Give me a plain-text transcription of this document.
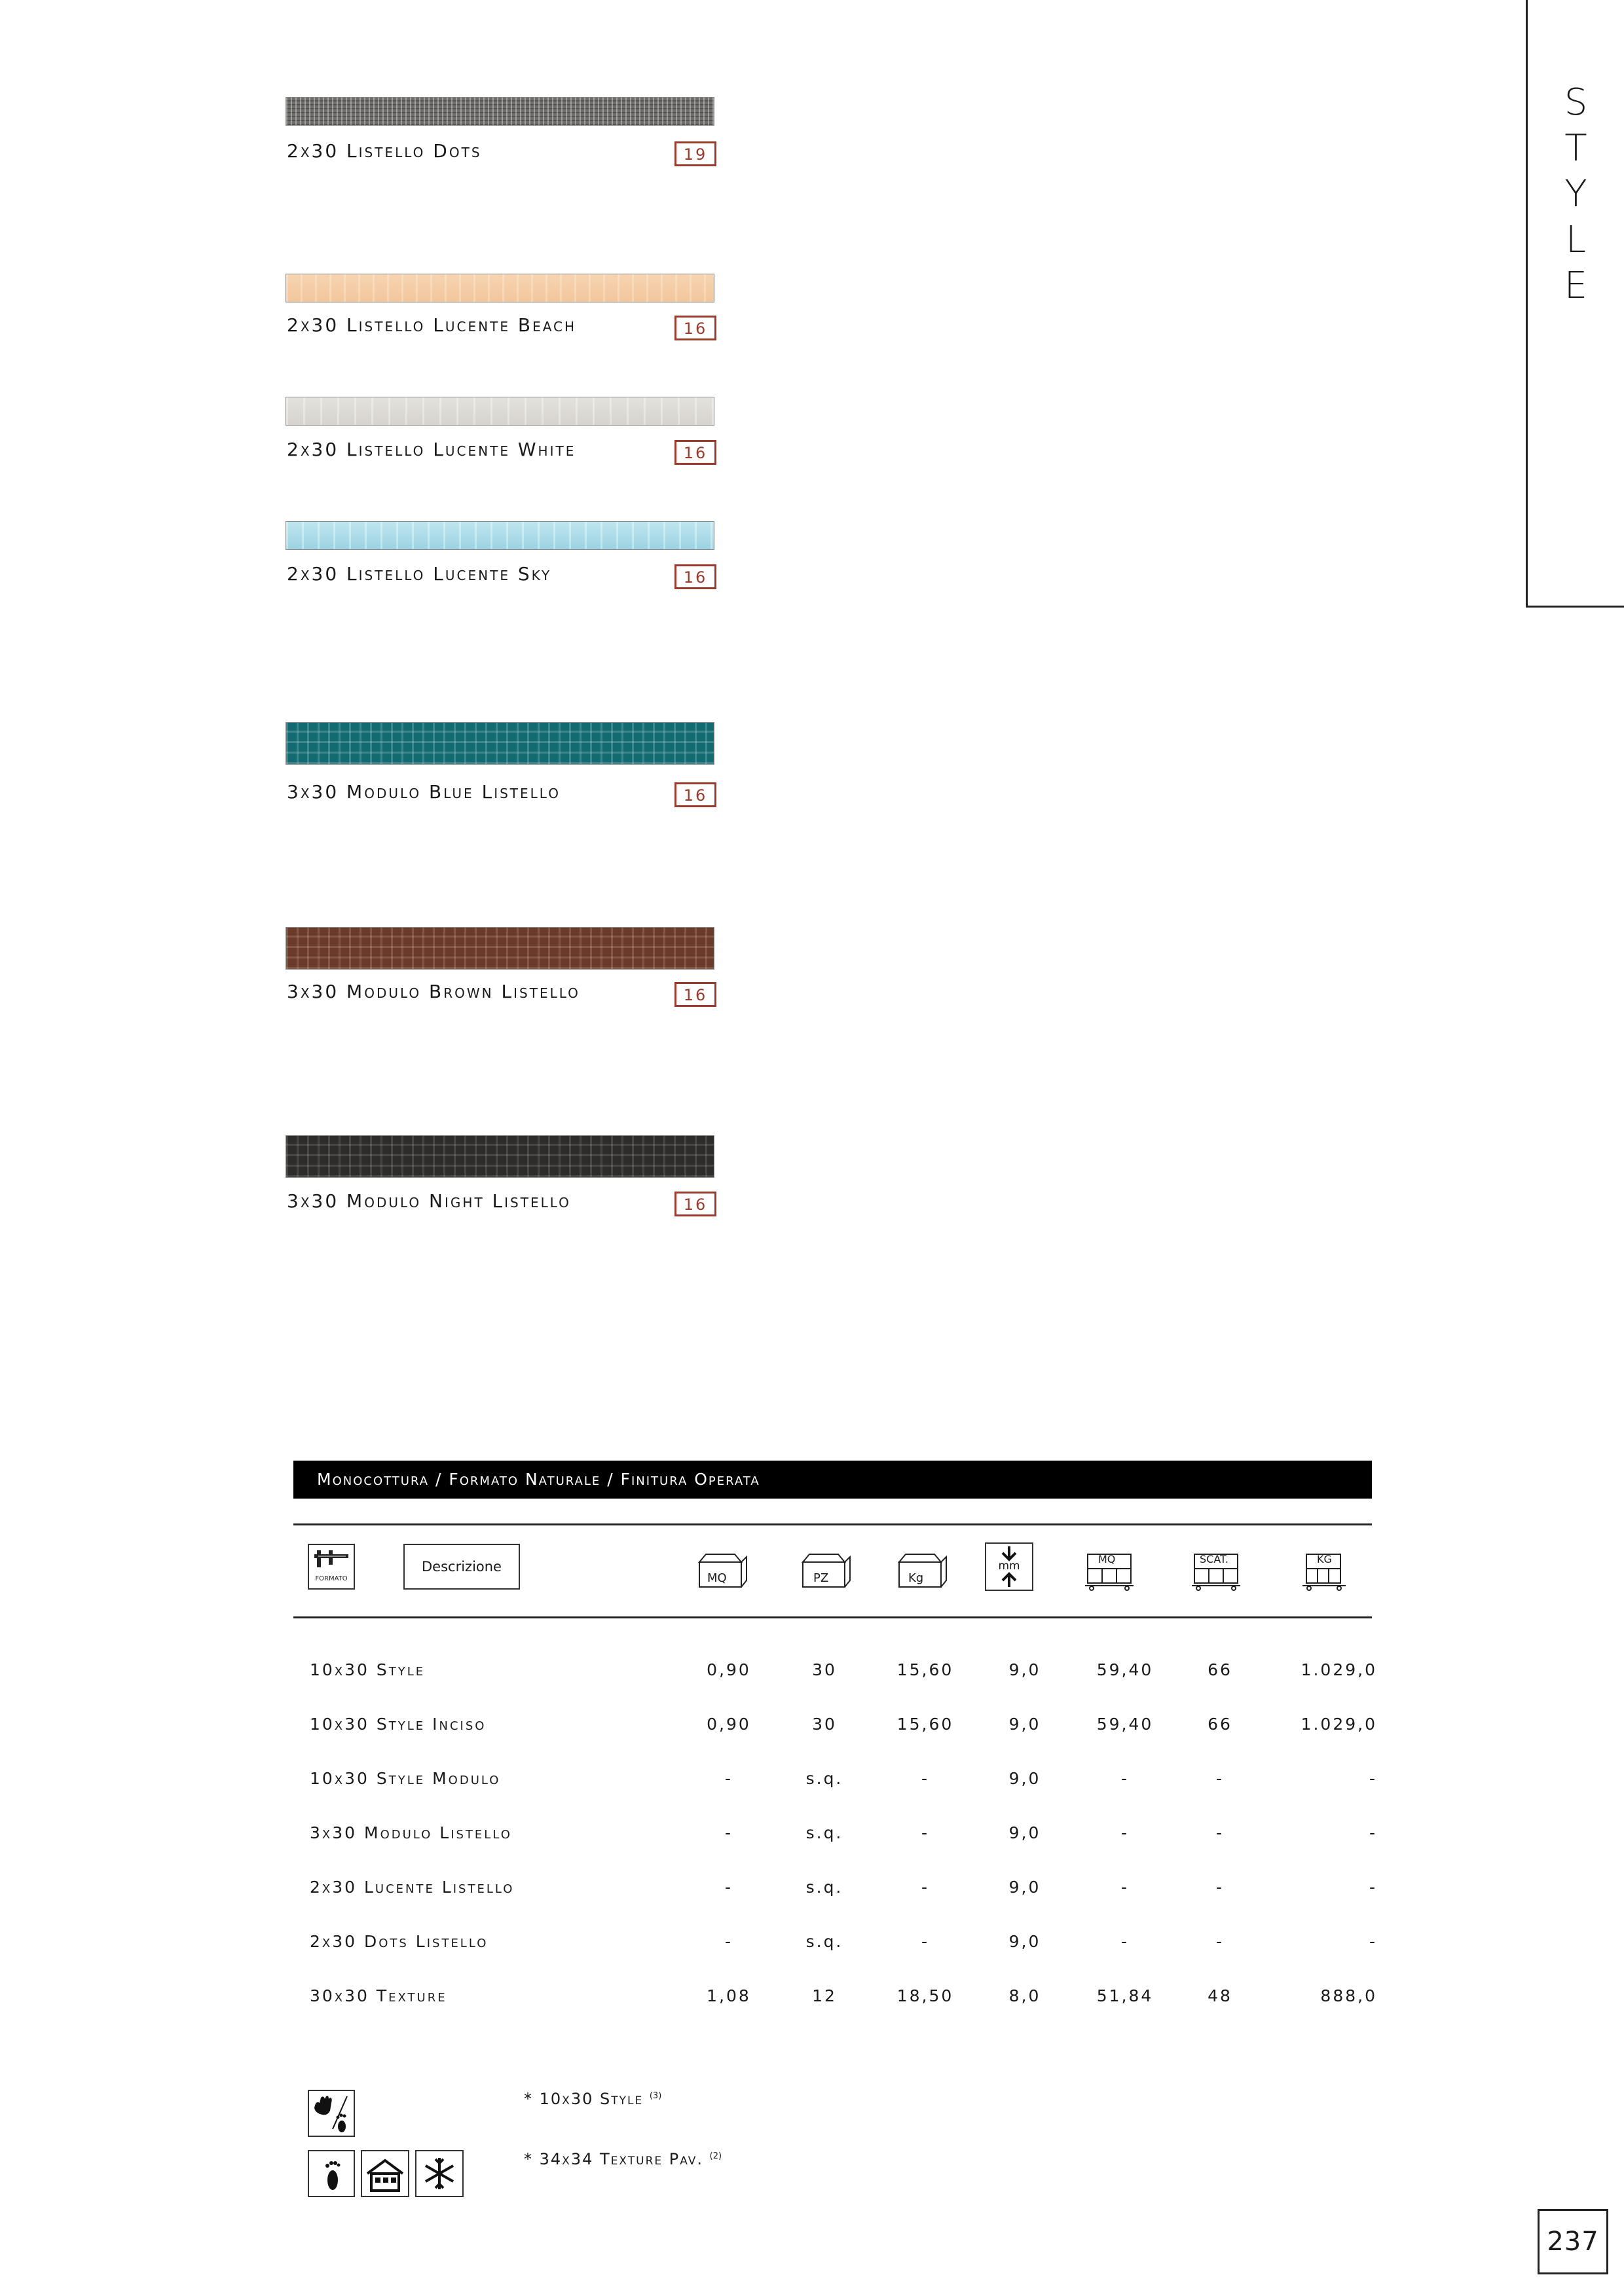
S
T
Y
L
E
2x30 Listello Dots	19
2x30 Listello Lucente Beach	16
2x30 Listello Lucente White	16
2x30 Listello Lucente Sky	16
3x30 Modulo Blue Listello	16
3x30 Modulo Brown Listello	16
3x30 Modulo Night Listello	16
Monocottura / Formato Naturale / Finitura Operata
FORMATO
Descrizione
MQ	PZ	Kg
mm
MQ	SCAT.	KG
10x30 Style	0,90	30	15,60	9,0	59,40	66	1.029,0
10x30 Style Inciso	0,90	30	15,60	9,0	59,40	66	1.029,0
10x30 Style Modulo	-	s.q.	-	9,0	-	-	-
3x30 Modulo Listello	-	s.q.	-	9,0	-	-	-
2x30 Lucente Listello	-	s.q.	-	9,0	-	-	-
2x30 Dots Listello	-	s.q.	-	9,0	-	-	-
30x30 Texture	1,08	12	18,50	8,0	51,84	48	888,0
* 10x30 Style $^{(3)}$
* 34x34 Texture Pav. $^{(2)}$
237
